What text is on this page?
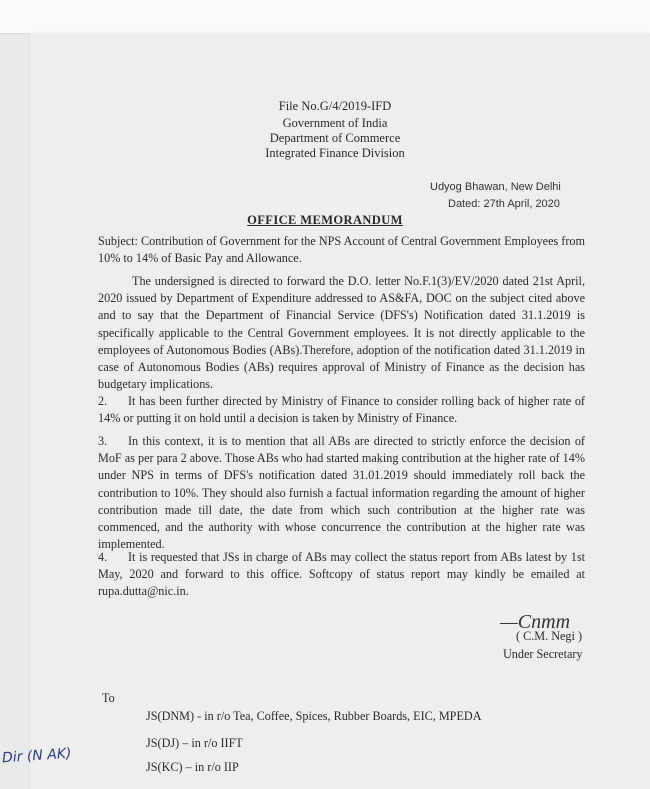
File No.G/4/2019-IFD
Government of India
Department of Commerce
Integrated Finance Division
Udyog Bhawan, New Delhi
Dated: 27th April, 2020
OFFICE MEMORANDUM
Subject: Contribution of Government for the NPS Account of Central Government Employees from 10% to 14% of Basic Pay and Allowance.
The undersigned is directed to forward the D.O. letter No.F.1(3)/EV/2020 dated 21st April, 2020 issued by Department of Expenditure addressed to AS&FA, DOC on the subject cited above and to say that the Department of Financial Service (DFS's) Notification dated 31.1.2019 is specifically applicable to the Central Government employees. It is not directly applicable to the employees of Autonomous Bodies (ABs).Therefore, adoption of the notification dated 31.1.2019 in case of Autonomous Bodies (ABs) requires approval of Ministry of Finance as the decision has budgetary implications.
2. It has been further directed by Ministry of Finance to consider rolling back of higher rate of 14% or putting it on hold until a decision is taken by Ministry of Finance.
3. In this context, it is to mention that all ABs are directed to strictly enforce the decision of MoF as per para 2 above. Those ABs who had started making contribution at the higher rate of 14% under NPS in terms of DFS's notification dated 31.01.2019 should immediately roll back the contribution to 10%. They should also furnish a factual information regarding the amount of higher contribution made till date, the date from which such contribution at the higher rate was commenced, and the authority with whose concurrence the contribution at the higher rate was implemented.
4. It is requested that JSs in charge of ABs may collect the status report from ABs latest by 1st May, 2020 and forward to this office. Softcopy of status report may kindly be emailed at rupa.dutta@nic.in.
—Cnmm
( C.M. Negi )
Under Secretary
To
JS(DNM) - in r/o Tea, Coffee, Spices, Rubber Boards, EIC, MPEDA
JS(DJ) – in r/o IIFT
JS(KC) – in r/o IIP
Dir (N AK)
